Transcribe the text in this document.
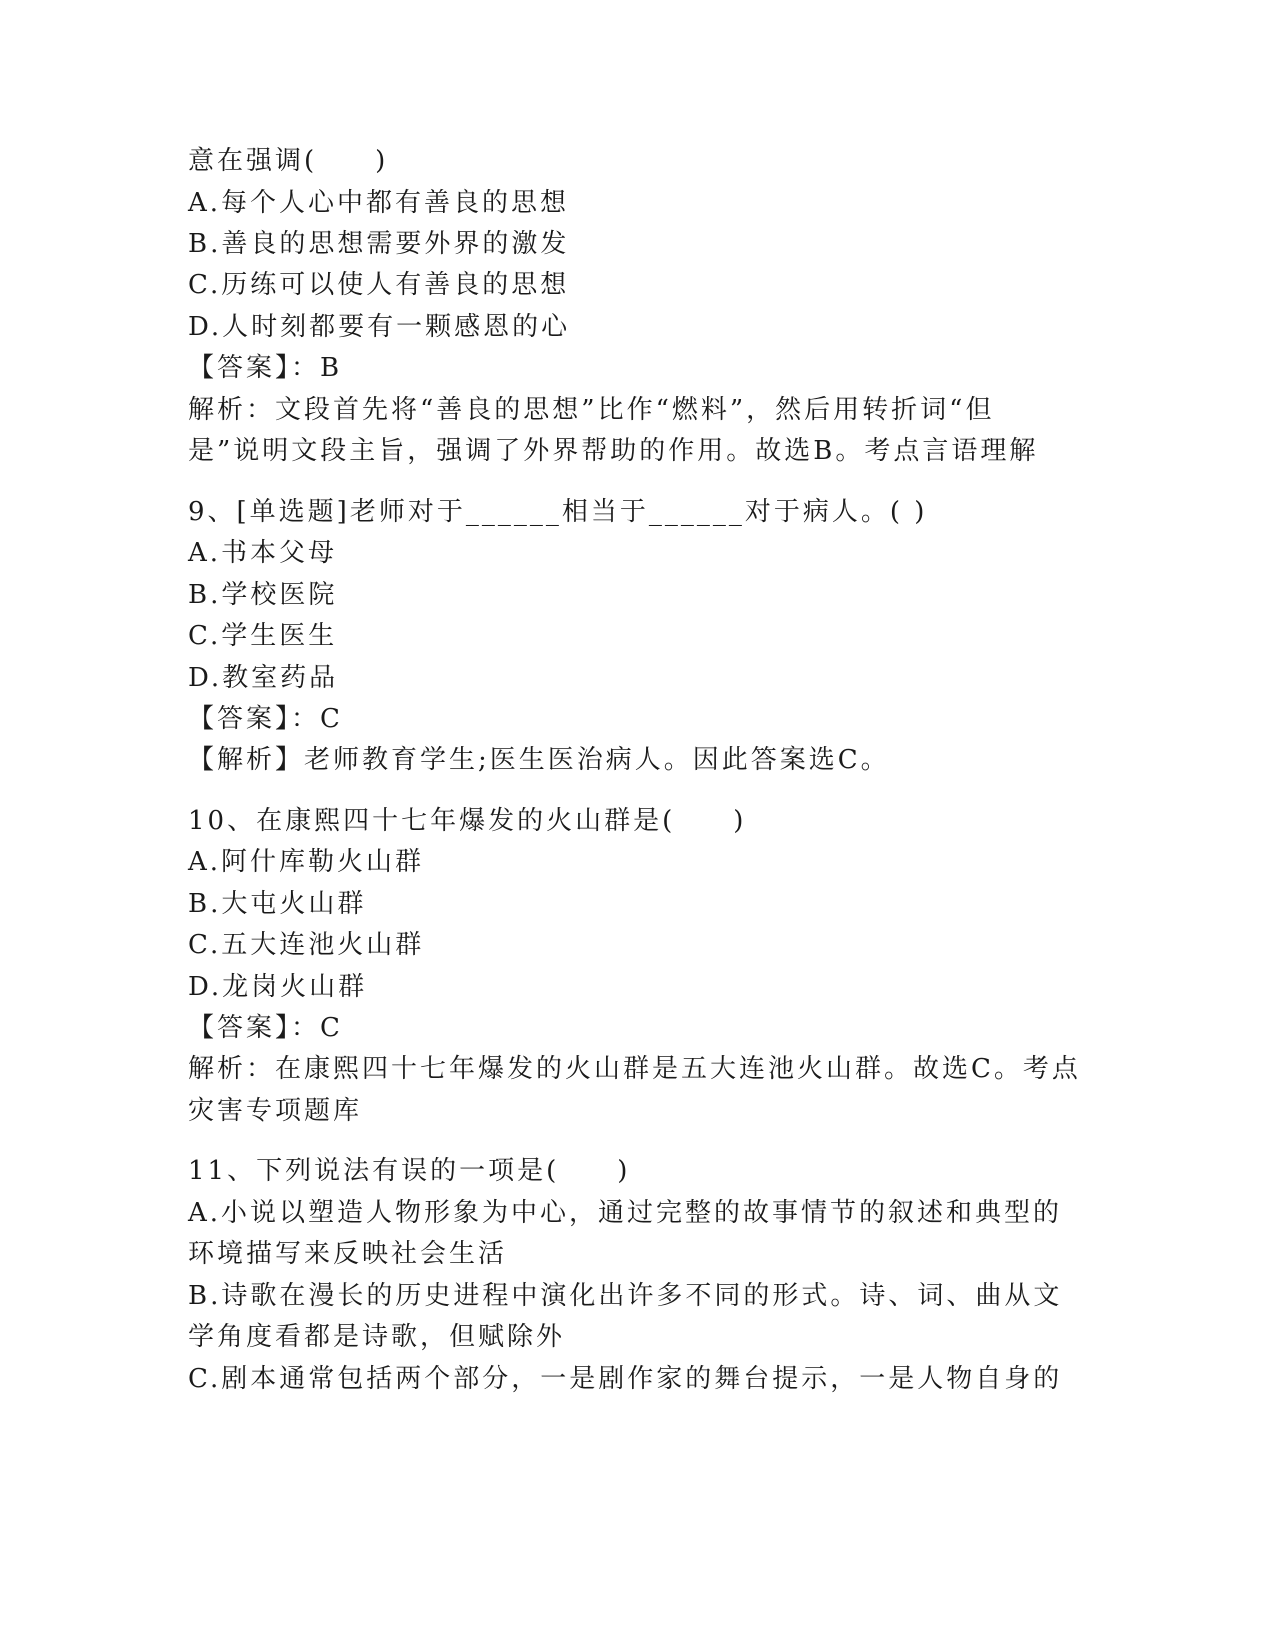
意在强调(　　)
A.每个人心中都有善良的思想
B.善良的思想需要外界的激发
C.历练可以使人有善良的思想
D.人时刻都要有一颗感恩的心
【答案】：B
解析：文段首先将“善良的思想”比作“燃料”，然后用转折词“但
是”说明文段主旨，强调了外界帮助的作用。故选B。考点言语理解
9、[单选题]老师对于______相当于______对于病人。( )
A.书本父母
B.学校医院
C.学生医生
D.教室药品
【答案】：C
【解析】老师教育学生;医生医治病人。因此答案选C。
10、在康熙四十七年爆发的火山群是(　　)
A.阿什库勒火山群
B.大屯火山群
C.五大连池火山群
D.龙岗火山群
【答案】：C
解析：在康熙四十七年爆发的火山群是五大连池火山群。故选C。考点
灾害专项题库
11、下列说法有误的一项是(　　)
A.小说以塑造人物形象为中心，通过完整的故事情节的叙述和典型的
环境描写来反映社会生活
B.诗歌在漫长的历史进程中演化出许多不同的形式。诗、词、曲从文
学角度看都是诗歌，但赋除外
C.剧本通常包括两个部分，一是剧作家的舞台提示，一是人物自身的
